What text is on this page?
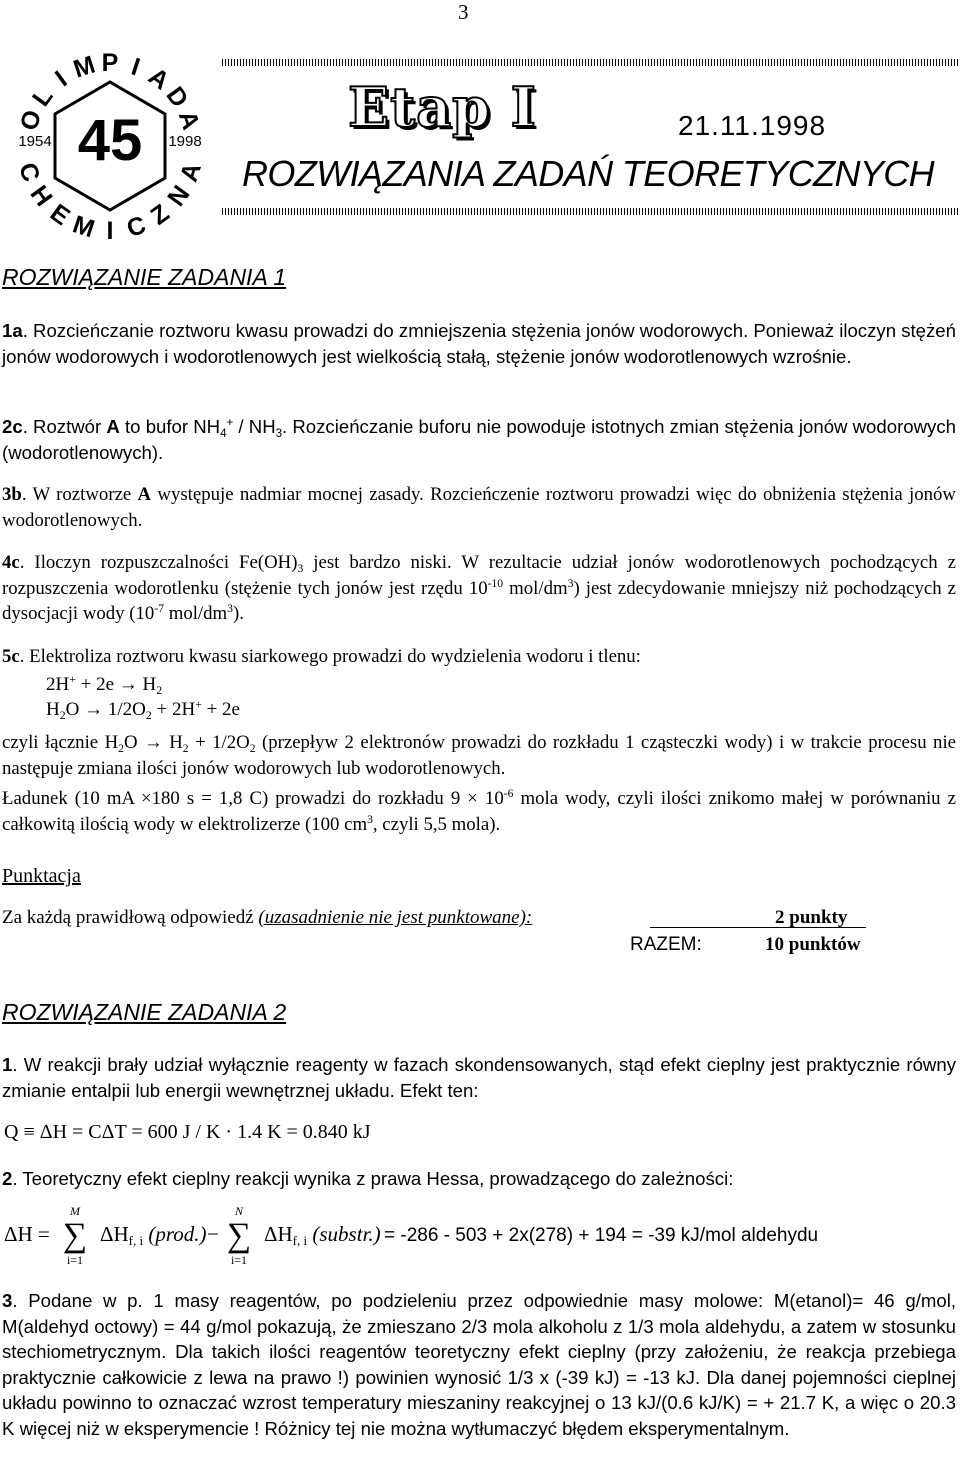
3
O
L
I
M P I A
D
A
C
H
E
M I C
Z
N
A
45
1954	1998
Etap I	21.11.1998
ROZWIĄZANIA ZADAŃ TEORETYCZNYCH
ROZWIĄZANIE ZADANIA 1
1a. Rozcieńczanie roztworu kwasu prowadzi do zmniejszenia stężenia jonów wodorowych. Ponieważ iloczyn stężeń jonów wodorowych i wodorotlenowych jest wielkością stałą, stężenie jonów wodorotlenowych wzrośnie.
2c. Roztwór A to bufor $NH_4^+ / NH_3$. Rozcieńczanie buforu nie powoduje istotnych zmian stężenia jonów wodorowych (wodorotlenowych).
3b. W roztworze A występuje nadmiar mocnej zasady. Rozcieńczenie roztworu prowadzi więc do obniżenia stężenia jonów wodorotlenowych.
4c. Iloczyn rozpuszczalności $Fe(OH)_3$ jest bardzo niski. W rezultacie udział jonów wodorotlenowych pochodzących z rozpuszczenia wodorotlenku (stężenie tych jonów jest rzędu $10^{-10}$ mol/$dm^3$) jest zdecydowanie mniejszy niż pochodzących z dysocjacji wody ($10^{-7}$ mol/$dm^3$).
5c. Elektroliza roztworu kwasu siarkowego prowadzi do wydzielenia wodoru i tlenu:
$2H^+ + 2e \to H_2$
$H_2O \to 1/2O_2 + 2H^+ + 2e$
czyli łącznie $H_2O \to H_2 + 1/2O_2$ (przepływ 2 elektronów prowadzi do rozkładu 1 cząsteczki wody) i w trakcie procesu nie następuje zmiana ilości jonów wodorowych lub wodorotlenowych.
Ładunek (10 mA ×180 s = 1,8 C) prowadzi do rozkładu $9 \times 10^{-6}$ mola wody, czyli ilości znikomo małej w porównaniu z całkowitą ilością wody w elektrolizerze (100 $cm^3$, czyli 5,5 mola).
Punktacja
Za każdą prawidłową odpowiedź (uzasadnienie nie jest punktowane):	2 punkty
RAZEM:	10 punktów
ROZWIĄZANIE ZADANIA 2
1. W reakcji brały udział wyłącznie reagenty w fazach skondensowanych, stąd efekt cieplny jest praktycznie równy zmianie entalpii lub energii wewnętrznej układu. Efekt ten:
Q ≡ ΔH = CΔT = 600 J / K · 1.4 K = 0.840 kJ
2. Teoretyczny efekt cieplny reakcji wynika z prawa Hessa, prowadzącego do zależności:
ΔH =
M
∑
i=1
$\Delta H_{f, i}$ (prod.) −
N
∑
i=1
$\Delta H_{f, i}$ (substr.) = -286 - 503 + 2x(278) + 194 = -39 kJ/mol aldehydu
3. Podane w p. 1 masy reagentów, po podzieleniu przez odpowiednie masy molowe: M(etanol)= 46 g/mol, M(aldehyd octowy) = 44 g/mol pokazują, że zmieszano 2/3 mola alkoholu z 1/3 mola aldehydu, a zatem w stosunku stechiometrycznym. Dla takich ilości reagentów teoretyczny efekt cieplny (przy założeniu, że reakcja przebiega praktycznie całkowicie z lewa na prawo !) powinien wynosić 1/3 x (-39 kJ) = -13 kJ. Dla danej pojemności cieplnej układu powinno to oznaczać wzrost temperatury mieszaniny reakcyjnej o 13 kJ/(0.6 kJ/K) = + 21.7 K, a więc o 20.3 K więcej niż w eksperymencie ! Różnicy tej nie można wytłumaczyć błędem eksperymentalnym.
